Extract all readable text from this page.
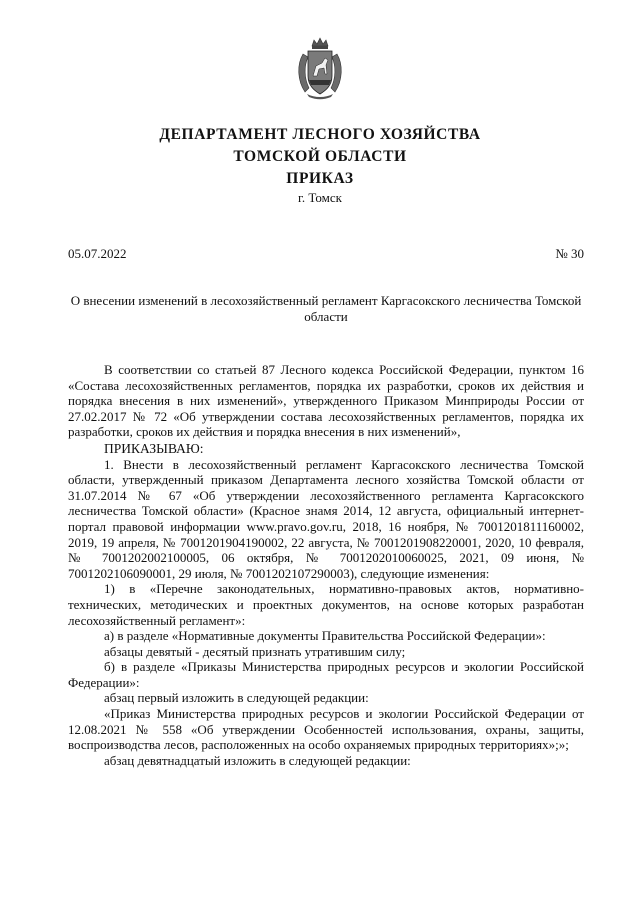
ДЕПАРТАМЕНТ ЛЕСНОГО ХОЗЯЙСТВА
ТОМСКОЙ ОБЛАСТИ
ПРИКАЗ
г. Томск
05.07.2022	№ 30
О внесении изменений в лесохозяйственный регламент Каргасокского лесничества Томской области

В соответствии со статьей 87 Лесного кодекса Российской Федерации, пунктом 16 «Состава лесохозяйственных регламентов, порядка их разработки, сроков их действия и порядка внесения в них изменений», утвержденного Приказом Минприроды России от 27.02.2017 № 72 «Об утверждении состава лесохозяйственных регламентов, порядка их разработки, сроков их действия и порядка внесения в них изменений»,

ПРИКАЗЫВАЮ:

1. Внести в лесохозяйственный регламент Каргасокского лесничества Томской области, утвержденный приказом Департамента лесного хозяйства Томской области от 31.07.2014 № 67 «Об утверждении лесохозяйственного регламента Каргасокского лесничества Томской области» (Красное знамя 2014, 12 августа, официальный интернет-портал правовой информации www.pravo.gov.ru, 2018, 16 ноября, № 7001201811160002, 2019, 19 апреля, № 7001201904190002, 22 августа, № 7001201908220001, 2020, 10 февраля, № 7001202002100005, 06 октября, № 7001202010060025, 2021, 09 июня, № 7001202106090001, 29 июля, № 7001202107290003), следующие изменения:

1) в «Перечне законодательных, нормативно-правовых актов, нормативно-технических, методических и проектных документов, на основе которых разработан лесохозяйственный регламент»:

а) в разделе «Нормативные документы Правительства Российской Федерации»:

абзацы девятый - десятый признать утратившим силу;

б) в разделе «Приказы Министерства природных ресурсов и экологии Российской Федерации»:

абзац первый изложить в следующей редакции:

«Приказ Министерства природных ресурсов и экологии Российской Федерации от 12.08.2021 № 558 «Об утверждении Особенностей использования, охраны, защиты, воспроизводства лесов, расположенных на особо охраняемых природных территориях»;»;

абзац девятнадцатый изложить в следующей редакции:
